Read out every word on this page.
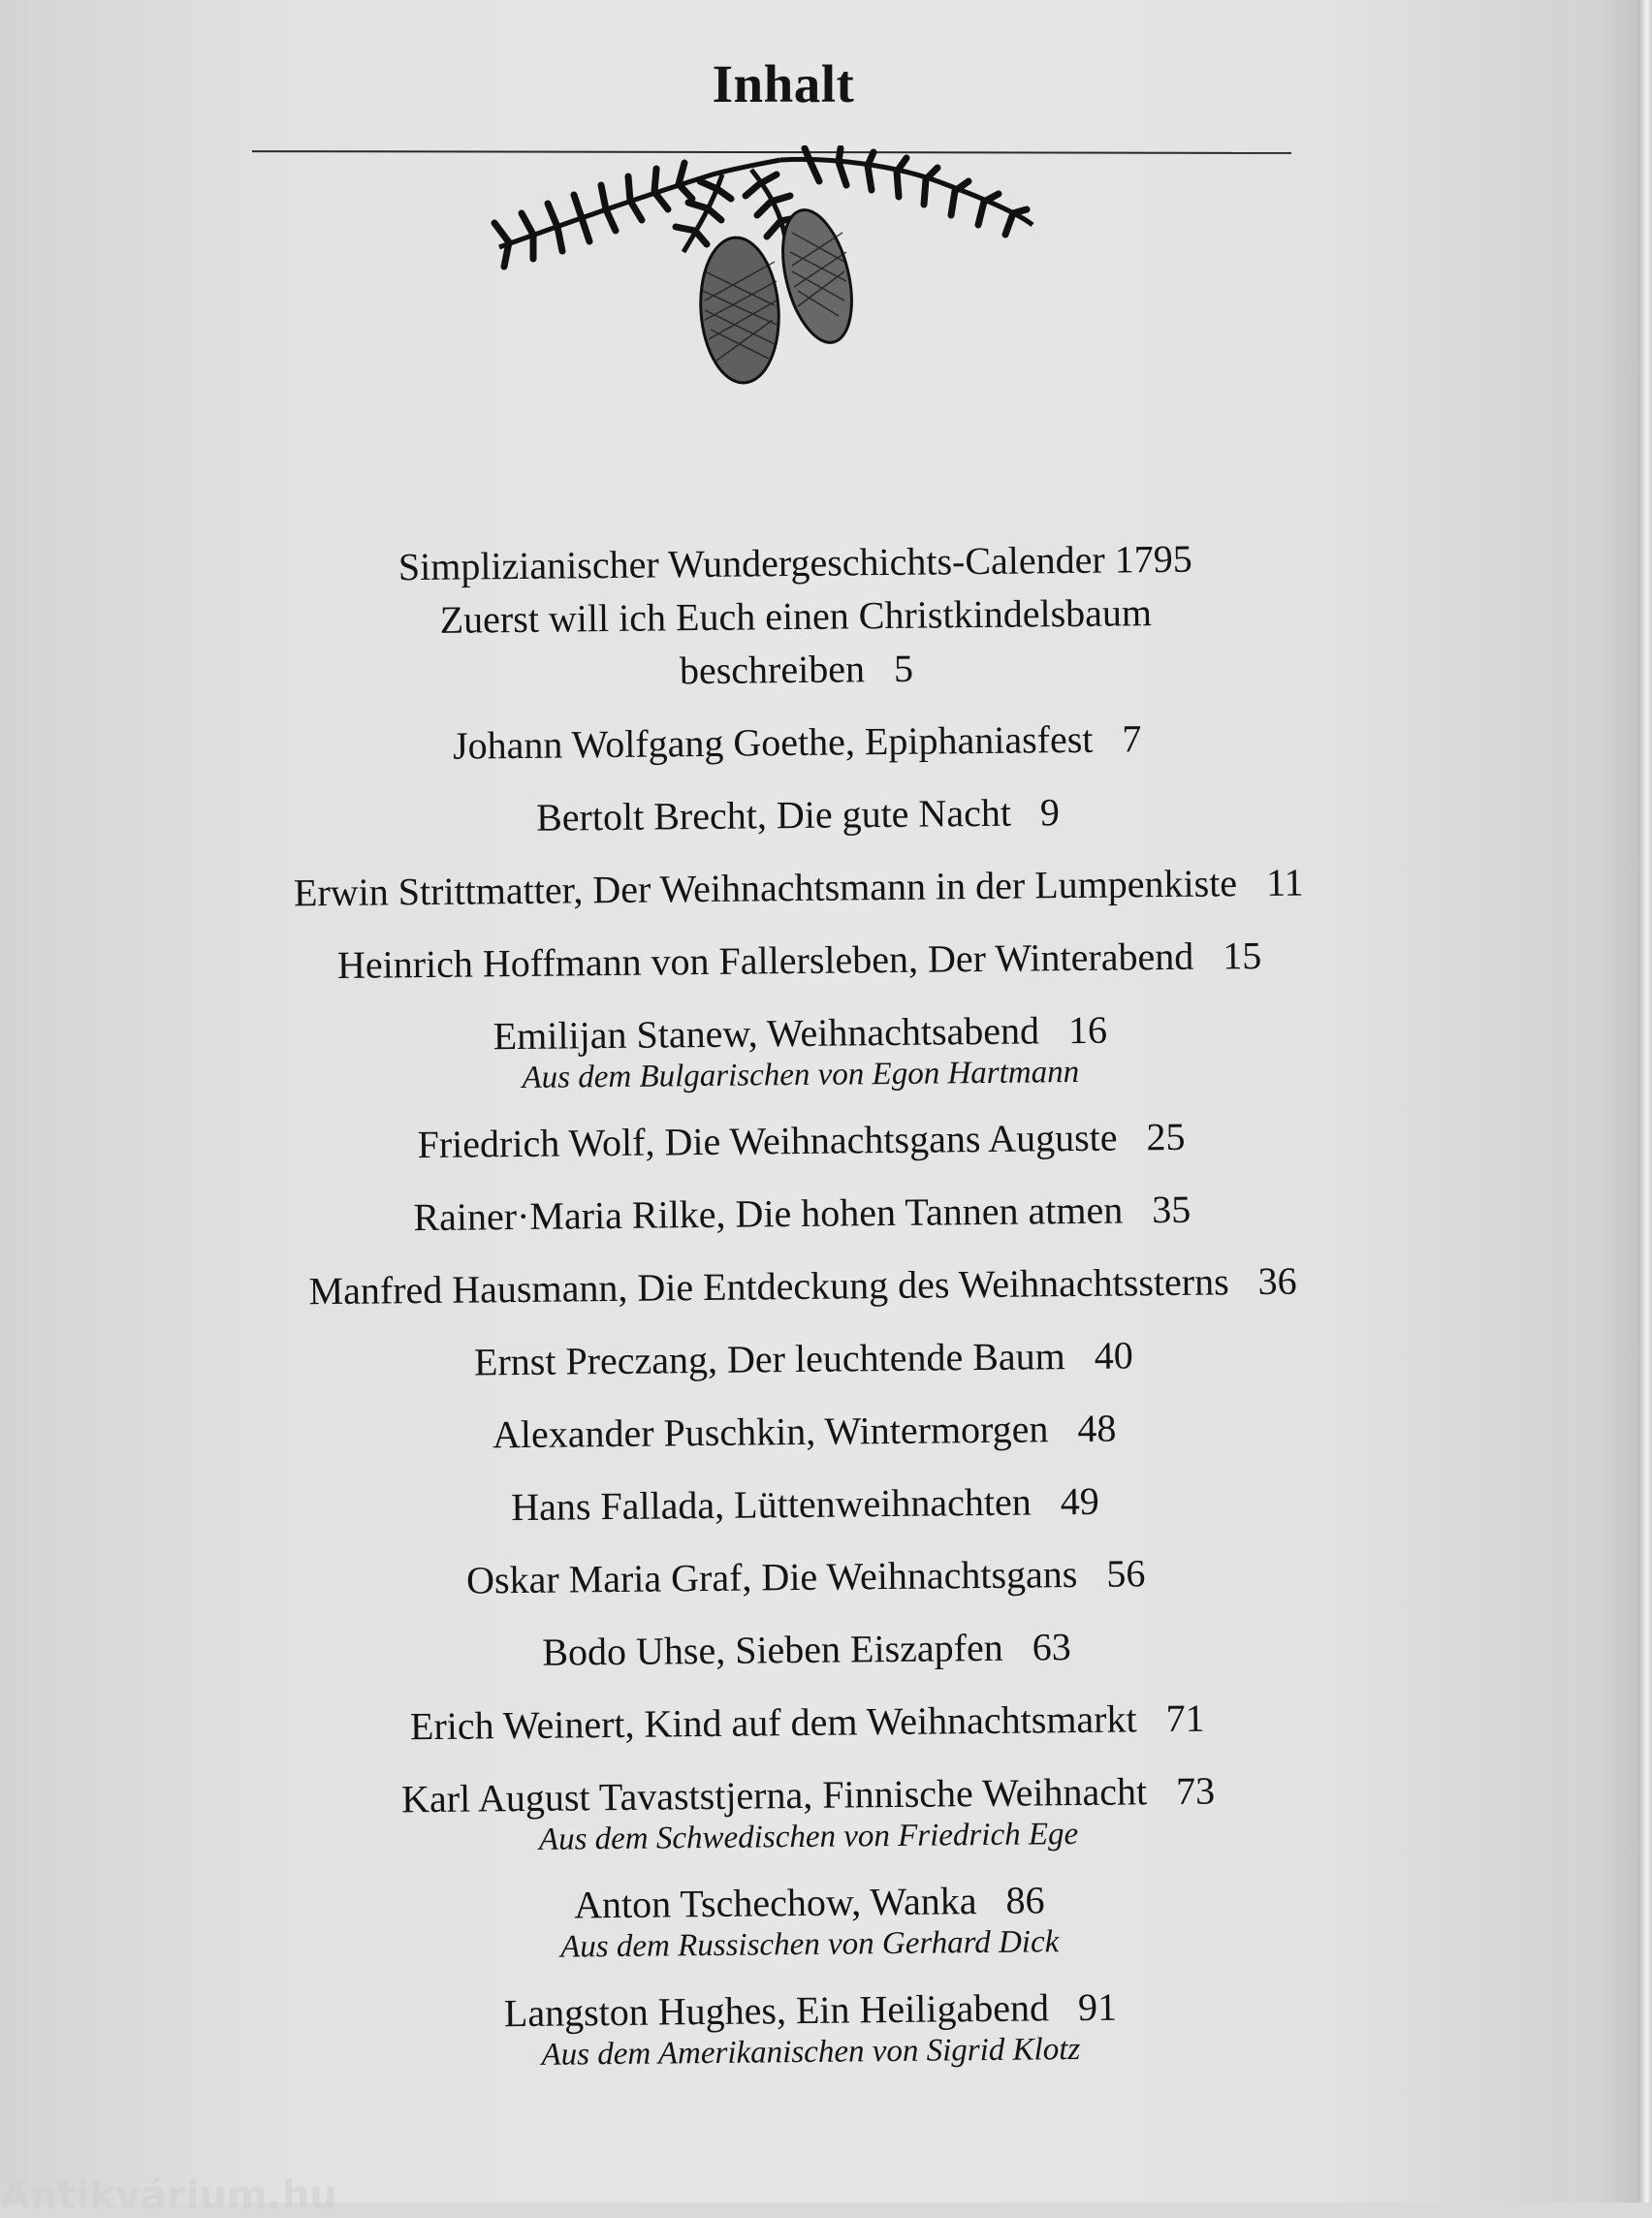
Inhalt
Simplizianischer Wundergeschichts-Calender 1795
Zuerst will ich Euch einen Christkindelsbaum
beschreiben 5
Johann Wolfgang Goethe, Epiphaniasfest 7
Bertolt Brecht, Die gute Nacht 9
Erwin Strittmatter, Der Weihnachtsmann in der Lumpenkiste 11
Heinrich Hoffmann von Fallersleben, Der Winterabend 15
Emilijan Stanew, Weihnachtsabend 16
Aus dem Bulgarischen von Egon Hartmann
Friedrich Wolf, Die Weihnachtsgans Auguste 25
Rainer·Maria Rilke, Die hohen Tannen atmen 35
Manfred Hausmann, Die Entdeckung des Weihnachtssterns 36
Ernst Preczang, Der leuchtende Baum 40
Alexander Puschkin, Wintermorgen 48
Hans Fallada, Lüttenweihnachten 49
Oskar Maria Graf, Die Weihnachtsgans 56
Bodo Uhse, Sieben Eiszapfen 63
Erich Weinert, Kind auf dem Weihnachtsmarkt 71
Karl August Tavaststjerna, Finnische Weihnacht 73
Aus dem Schwedischen von Friedrich Ege
Anton Tschechow, Wanka 86
Aus dem Russischen von Gerhard Dick
Langston Hughes, Ein Heiligabend 91
Aus dem Amerikanischen von Sigrid Klotz
Antikvárium.hu
